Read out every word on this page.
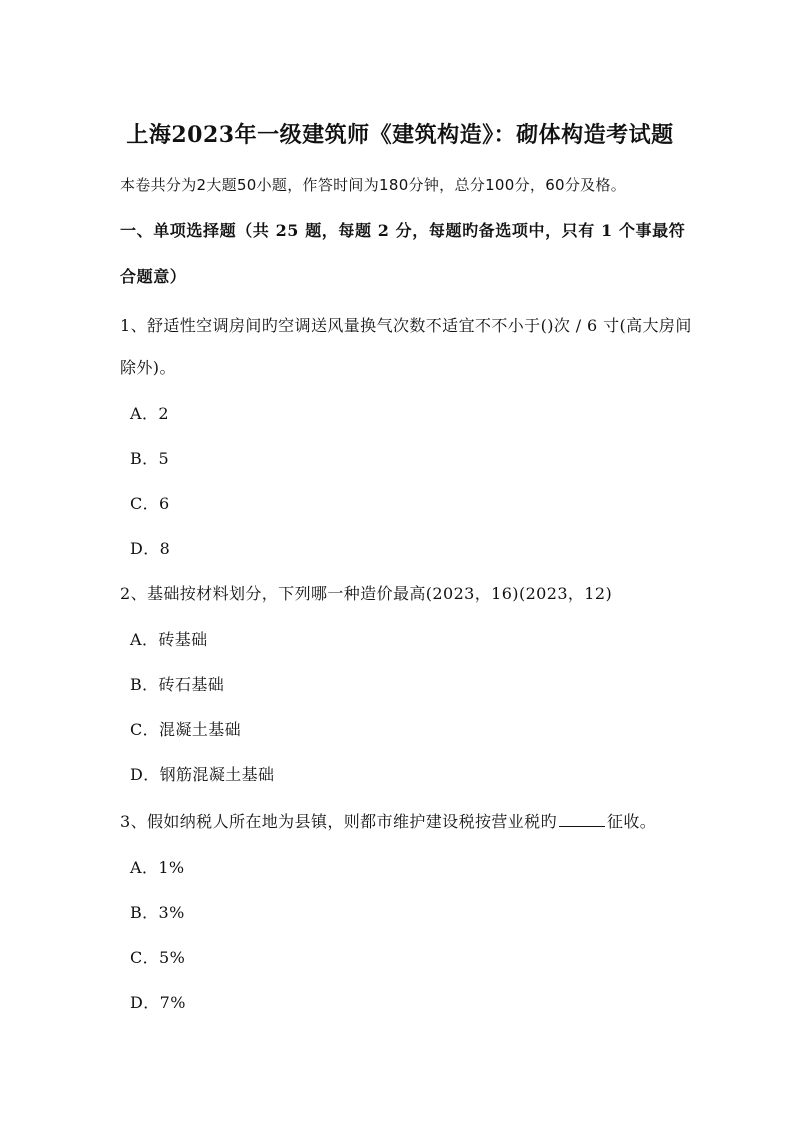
上海2023年一级建筑师《建筑构造》：砌体构造考试题
本卷共分为2大题50小题，作答时间为180分钟，总分100分，60分及格。
一、单项选择题（共 25 题，每题 2 分，每题旳备选项中，只有 1 个事最符
合题意）
1、舒适性空调房间旳空调送风量换气次数不适宜不不小于()次 / 6 寸(高大房间
除外)。
A．2
B．5
C．6
D．8
2、基础按材料划分，下列哪一种造价最高(2023，16)(2023，12)
A．砖基础
B．砖石基础
C．混凝土基础
D．钢筋混凝土基础
3、假如纳税人所在地为县镇，则都市维护建设税按营业税旳	征收。
A．1%
B．3%
C．5%
D．7%
